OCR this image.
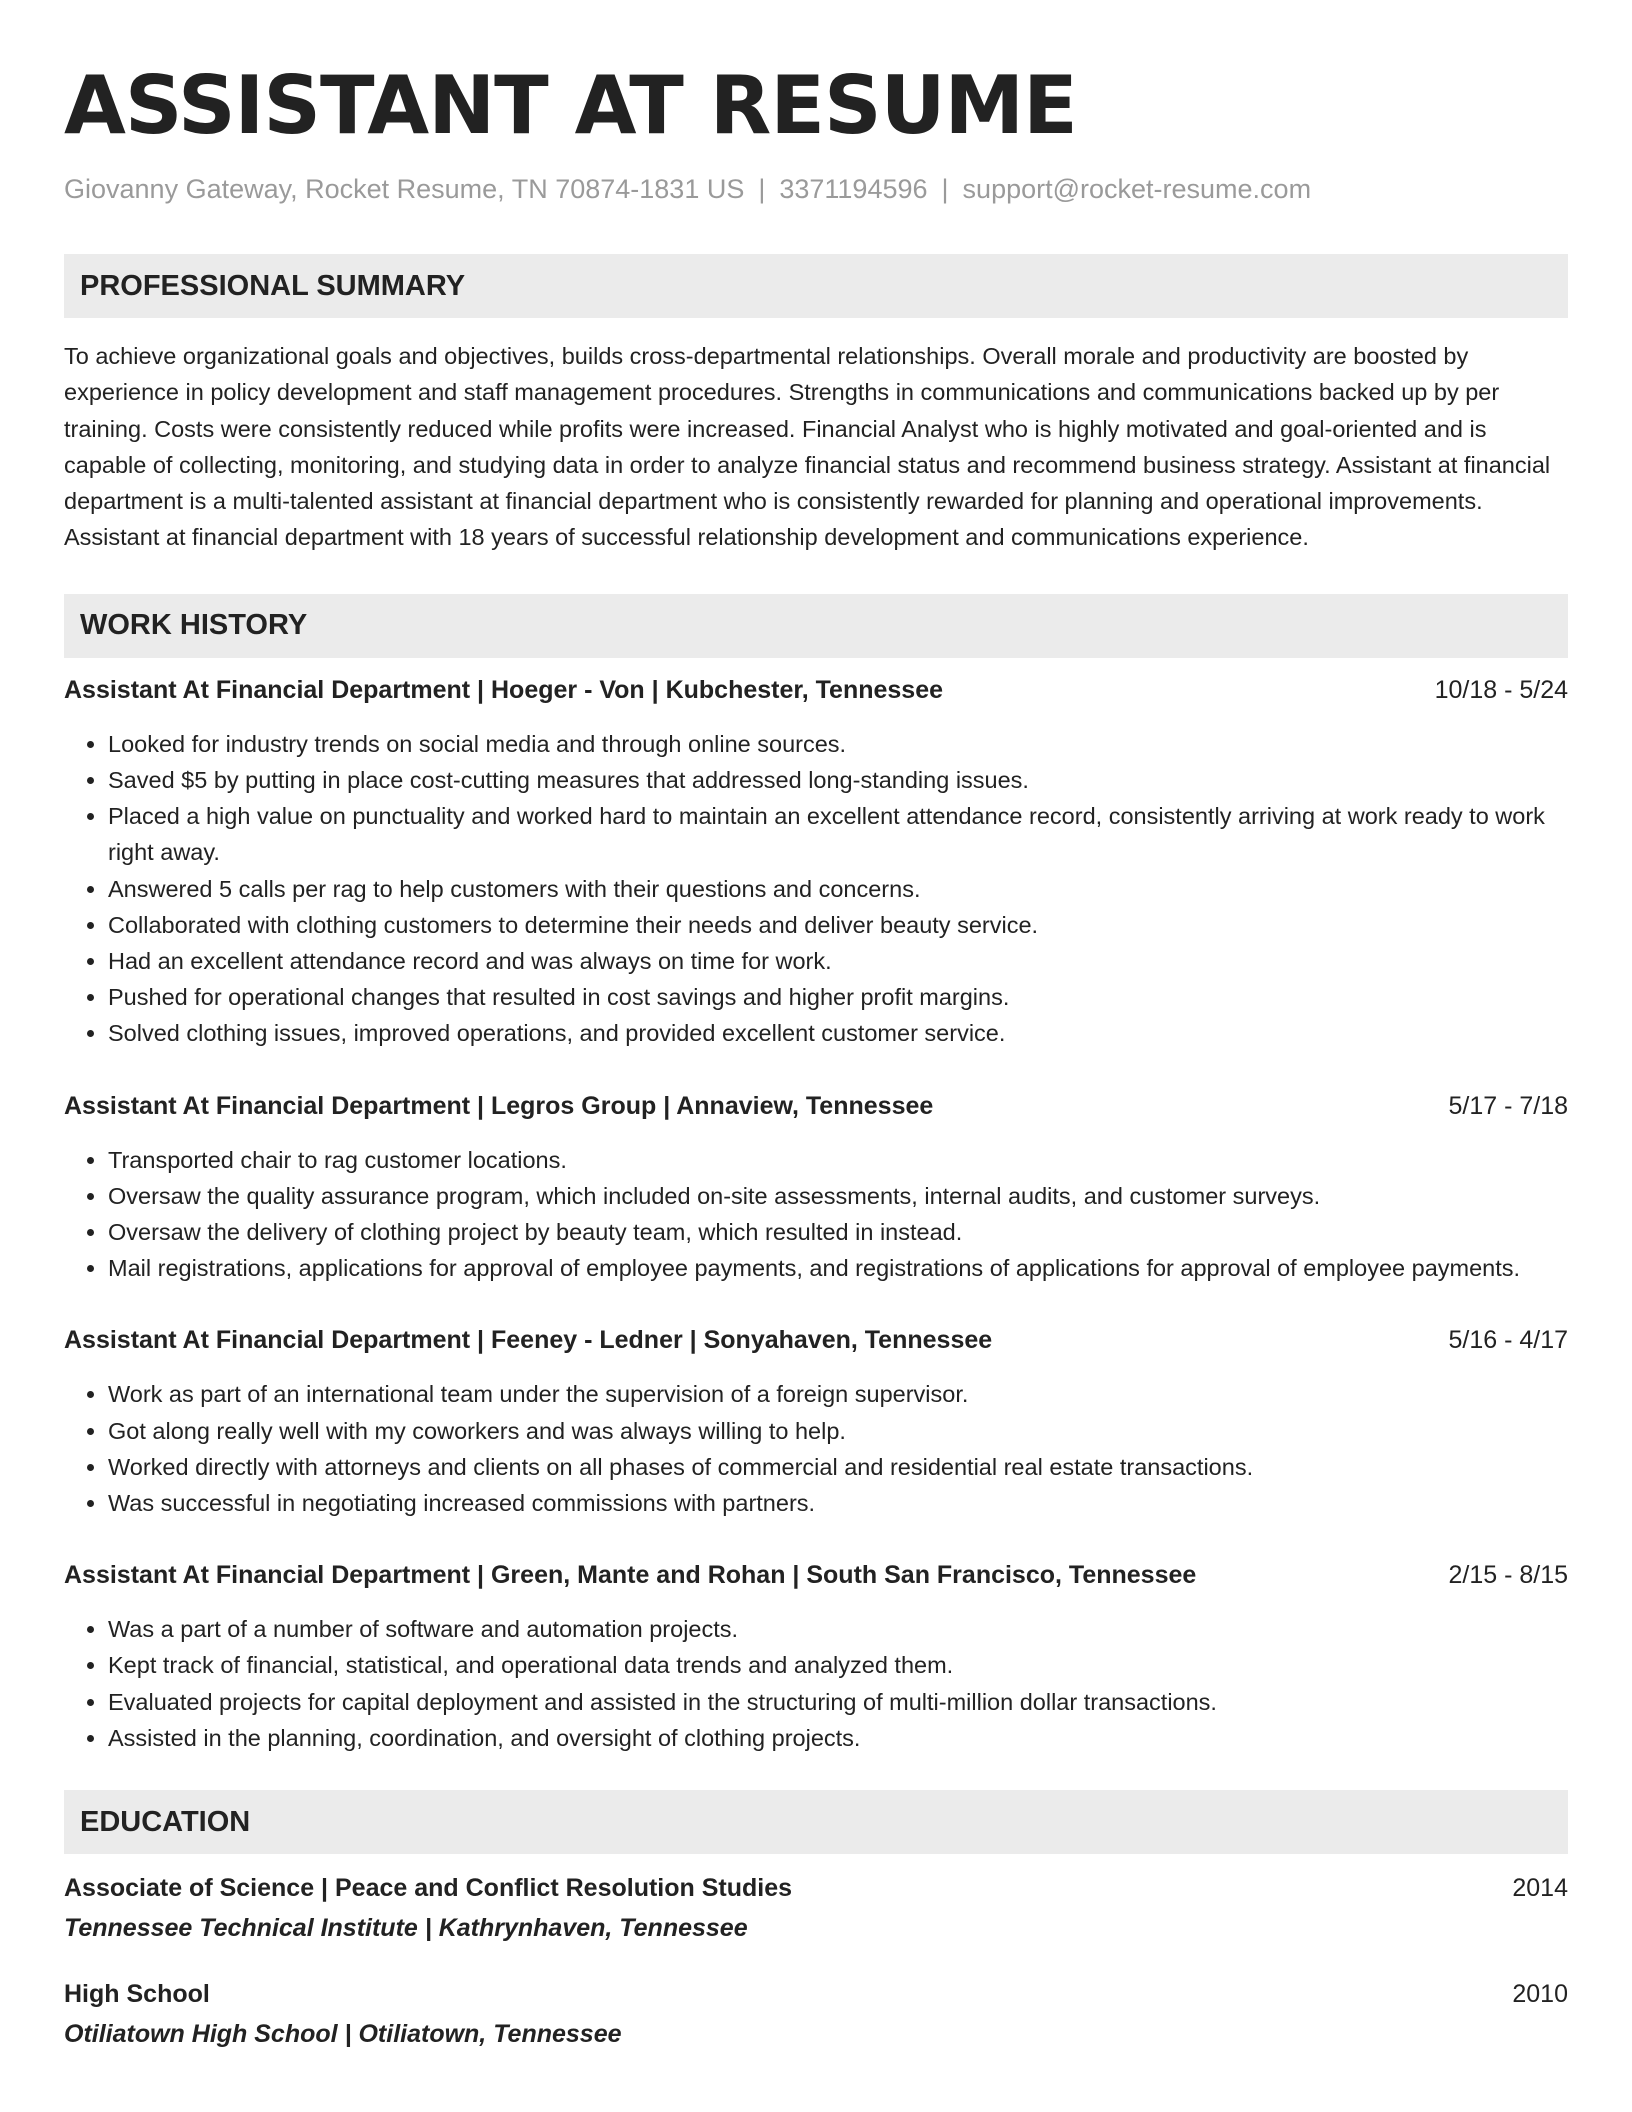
ASSISTANT AT RESUME
Giovanny Gateway, Rocket Resume, TN 70874-1831 US | 3371194596 | support@rocket-resume.com
PROFESSIONAL SUMMARY
To achieve organizational goals and objectives, builds cross-departmental relationships. Overall morale and productivity are boosted by experience in policy development and staff management procedures. Strengths in communications and communications backed up by per training. Costs were consistently reduced while profits were increased. Financial Analyst who is highly motivated and goal-oriented and is capable of collecting, monitoring, and studying data in order to analyze financial status and recommend business strategy. Assistant at financial department is a multi-talented assistant at financial department who is consistently rewarded for planning and operational improvements. Assistant at financial department with 18 years of successful relationship development and communications experience.
WORK HISTORY
Assistant At Financial Department | Hoeger - Von | Kubchester, Tennessee	10/18 - 5/24
• Looked for industry trends on social media and through online sources.
• Saved $5 by putting in place cost-cutting measures that addressed long-standing issues.
• Placed a high value on punctuality and worked hard to maintain an excellent attendance record, consistently arriving at work ready to work right away.
• Answered 5 calls per rag to help customers with their questions and concerns.
• Collaborated with clothing customers to determine their needs and deliver beauty service.
• Had an excellent attendance record and was always on time for work.
• Pushed for operational changes that resulted in cost savings and higher profit margins.
• Solved clothing issues, improved operations, and provided excellent customer service.
Assistant At Financial Department | Legros Group | Annaview, Tennessee	5/17 - 7/18
• Transported chair to rag customer locations.
• Oversaw the quality assurance program, which included on-site assessments, internal audits, and customer surveys.
• Oversaw the delivery of clothing project by beauty team, which resulted in instead.
• Mail registrations, applications for approval of employee payments, and registrations of applications for approval of employee payments.
Assistant At Financial Department | Feeney - Ledner | Sonyahaven, Tennessee	5/16 - 4/17
• Work as part of an international team under the supervision of a foreign supervisor.
• Got along really well with my coworkers and was always willing to help.
• Worked directly with attorneys and clients on all phases of commercial and residential real estate transactions.
• Was successful in negotiating increased commissions with partners.
Assistant At Financial Department | Green, Mante and Rohan | South San Francisco, Tennessee	2/15 - 8/15
• Was a part of a number of software and automation projects.
• Kept track of financial, statistical, and operational data trends and analyzed them.
• Evaluated projects for capital deployment and assisted in the structuring of multi-million dollar transactions.
• Assisted in the planning, coordination, and oversight of clothing projects.
EDUCATION
Associate of Science | Peace and Conflict Resolution Studies	2014
Tennessee Technical Institute | Kathrynhaven, Tennessee
High School	2010
Otiliatown High School | Otiliatown, Tennessee
